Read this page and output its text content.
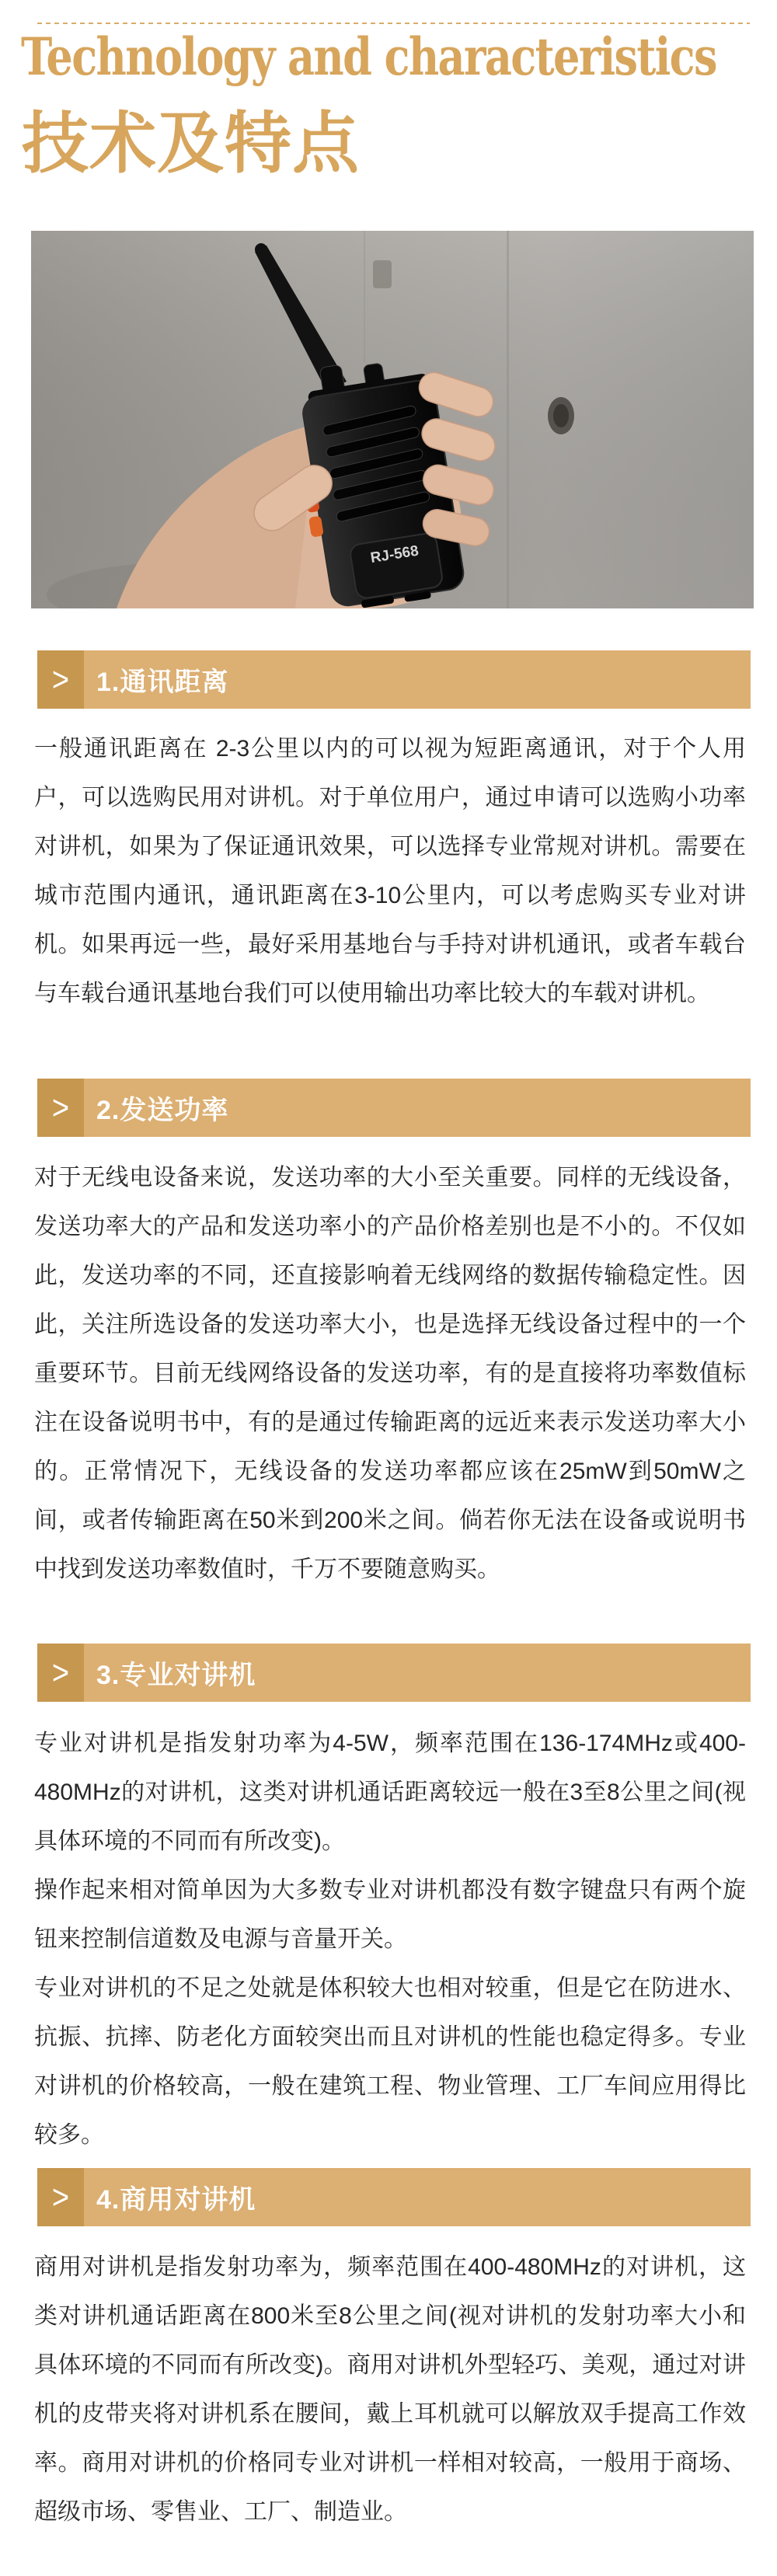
Technology and characteristics
技术及特点
RJ-568
> 1.通讯距离

一般通讯距离在 2-3公里以内的可以视为短距离通讯，对于个人用户，可以选购民用对讲机。对于单位用户，通过申请可以选购小功率对讲机，如果为了保证通讯效果，可以选择专业常规对讲机。需要在城市范围内通讯，通讯距离在3-10公里内，可以考虑购买专业对讲机。如果再远一些，最好采用基地台与手持对讲机通讯，或者车载台与车载台通讯基地台我们可以使用输出功率比较大的车载对讲机。

> 2.发送功率

对于无线电设备来说，发送功率的大小至关重要。同样的无线设备，发送功率大的产品和发送功率小的产品价格差别也是不小的。不仅如此，发送功率的不同，还直接影响着无线网络的数据传输稳定性。因此，关注所选设备的发送功率大小，也是选择无线设备过程中的一个重要环节。目前无线网络设备的发送功率，有的是直接将功率数值标注在设备说明书中，有的是通过传输距离的远近来表示发送功率大小的。正常情况下，无线设备的发送功率都应该在25mW到50mW之间，或者传输距离在50米到200米之间。倘若你无法在设备或说明书中找到发送功率数值时，千万不要随意购买。

> 3.专业对讲机

专业对讲机是指发射功率为4-5W，频率范围在136-174MHz或400-480MHz的对讲机，这类对讲机通话距离较远一般在3至8公里之间(视具体环境的不同而有所改变)。

操作起来相对简单因为大多数专业对讲机都没有数字键盘只有两个旋钮来控制信道数及电源与音量开关。

专业对讲机的不足之处就是体积较大也相对较重，但是它在防进水、抗振、抗摔、防老化方面较突出而且对讲机的性能也稳定得多。专业对讲机的价格较高，一般在建筑工程、物业管理、工厂车间应用得比较多。

> 4.商用对讲机

商用对讲机是指发射功率为，频率范围在400-480MHz的对讲机，这类对讲机通话距离在800米至8公里之间(视对讲机的发射功率大小和具体环境的不同而有所改变)。商用对讲机外型轻巧、美观，通过对讲机的皮带夹将对讲机系在腰间，戴上耳机就可以解放双手提高工作效率。商用对讲机的价格同专业对讲机一样相对较高，一般用于商场、超级市场、零售业、工厂、制造业。
